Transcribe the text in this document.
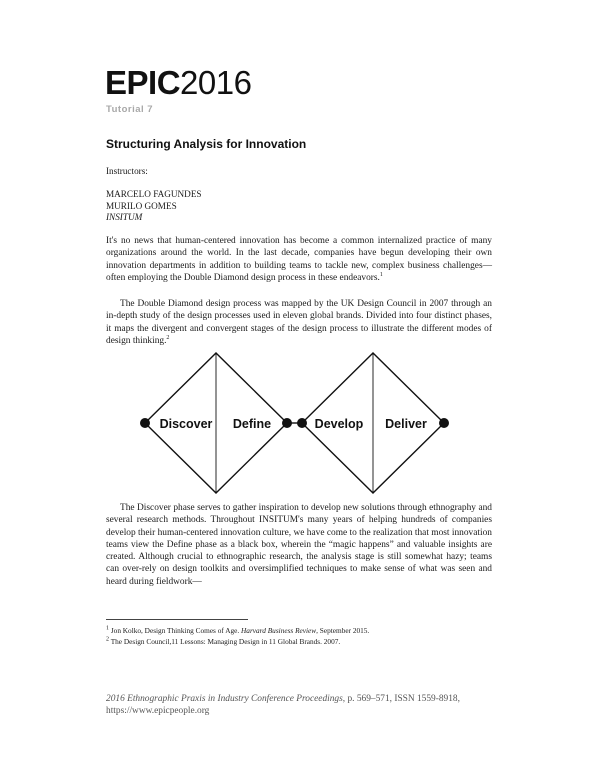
EPIC2016
Tutorial 7
Structuring Analysis for Innovation
Instructors:
MARCELO FAGUNDES
MURILO GOMES
INSITUM

It's no news that human-centered innovation has become a common internalized practice of many organizations around the world. In the last decade, companies have begun developing their own innovation departments in addition to building teams to tackle new, complex business challenges—often employing the Double Diamond design process in these endeavors.$^1$

The Double Diamond design process was mapped by the UK Design Council in 2007 through an in-depth study of the design processes used in eleven global brands. Divided into four distinct phases, it maps the divergent and convergent stages of the design process to illustrate the different modes of design thinking.$^2$

Discover Define	Develop Deliver

The Discover phase serves to gather inspiration to develop new solutions through ethnography and several research methods. Throughout INSITUM's many years of helping hundreds of companies develop their human-centered innovation culture, we have come to the realization that most innovation teams view the Define phase as a black box, wherein the “magic happens” and valuable insights are created. Although crucial to ethnographic research, the analysis stage is still somewhat hazy; teams can over-rely on design toolkits and oversimplified techniques to make sense of what was seen and heard during fieldwork—

$^1$ Jon Kolko, Design Thinking Comes of Age. Harvard Business Review, September 2015.
$^2$ The Design Council,11 Lessons: Managing Design in 11 Global Brands. 2007.
2016 Ethnographic Praxis in Industry Conference Proceedings, p. 569–571, ISSN 1559-8918,
https://www.epicpeople.org
